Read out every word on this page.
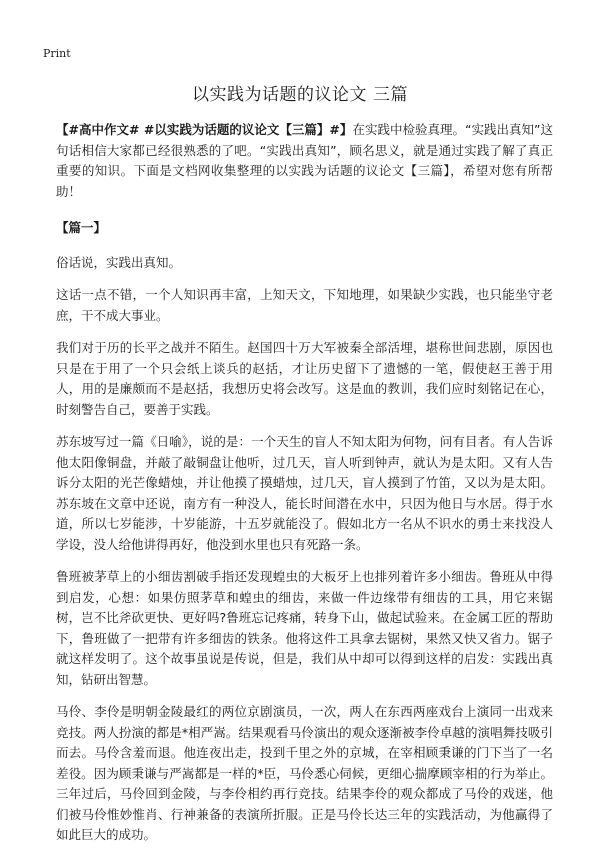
Print
以实践为话题的议论文 三篇

【#高中作文# #以实践为话题的议论文【三篇】#】在实践中检验真理。“实践出真知”这句话相信大家都已经很熟悉的了吧。“实践出真知”，顾名思义，就是通过实践了解了真正重要的知识。下面是文档网收集整理的以实践为话题的议论文【三篇】，希望对您有所帮助！

【篇一】

俗话说，实践出真知。

这话一点不错，一个人知识再丰富，上知天文，下知地理，如果缺少实践，也只能坐守老庶，干不成大事业。

我们对于历的长平之战并不陌生。赵国四十万大军被秦全部活埋，堪称世间悲剧，原因也只是在于用了一个只会纸上谈兵的赵括，才让历史留下了遗憾的一笔，假使赵王善于用人，用的是廉颇而不是赵括，我想历史将会改写。这是血的教训，我们应时刻铭记在心，时刻警告自己，要善于实践。

苏东坡写过一篇《日喻》，说的是：一个天生的盲人不知太阳为何物，问有目者。有人告诉他太阳像铜盘，并敲了敲铜盘让他听，过几天，盲人听到钟声，就认为是太阳。又有人告诉分太阳的光芒像蜡烛，并让他摸了摸蜡烛，过几天，盲人摸到了竹笛，又以为是太阳。苏东坡在文章中还说，南方有一种没人，能长时间潜在水中，只因为他日与水居。得于水道，所以七岁能涉，十岁能游，十五岁就能没了。假如北方一名从不识水的勇士来找没人学设，没人给他讲得再好，他没到水里也只有死路一条。

鲁班被茅草上的小细齿割破手指还发现蝗虫的大板牙上也排列着许多小细齿。鲁班从中得到启发，心想：如果仿照茅草和蝗虫的细齿，来做一件边缘带有细齿的工具，用它来锯树，岂不比斧砍更快、更好吗?鲁班忘记疼痛，转身下山，做起试验来。在金属工匠的帮助下，鲁班做了一把带有许多细齿的铁条。他将这件工具拿去锯树，果然又快又省力。锯子就这样发明了。这个故事虽说是传说，但是，我们从中却可以得到这样的启发：实践出真知，钻研出智慧。

马伶、李伶是明朝金陵最红的两位京剧演员，一次，两人在东西两座戏台上演同一出戏来竞技。两人扮演的都是*相严嵩。结果观看马伶演出的观众逐渐被李伶卓越的演唱舞技吸引而去。马伶含羞而退。他连夜出走，投到千里之外的京城，在宰相顾秉谦的门下当了一名差役。因为顾秉谦与严嵩都是一样的*臣，马伶悉心伺候，更细心揣摩顾宰相的行为举止。三年过后，马伶回到金陵，与李伶相约再行竞技。结果李伶的观众都成了马伶的戏迷，他们被马伶惟妙惟肖、行神兼备的表演所折服。正是马伶长达三年的实践活动，为他赢得了如此巨大的成功。
